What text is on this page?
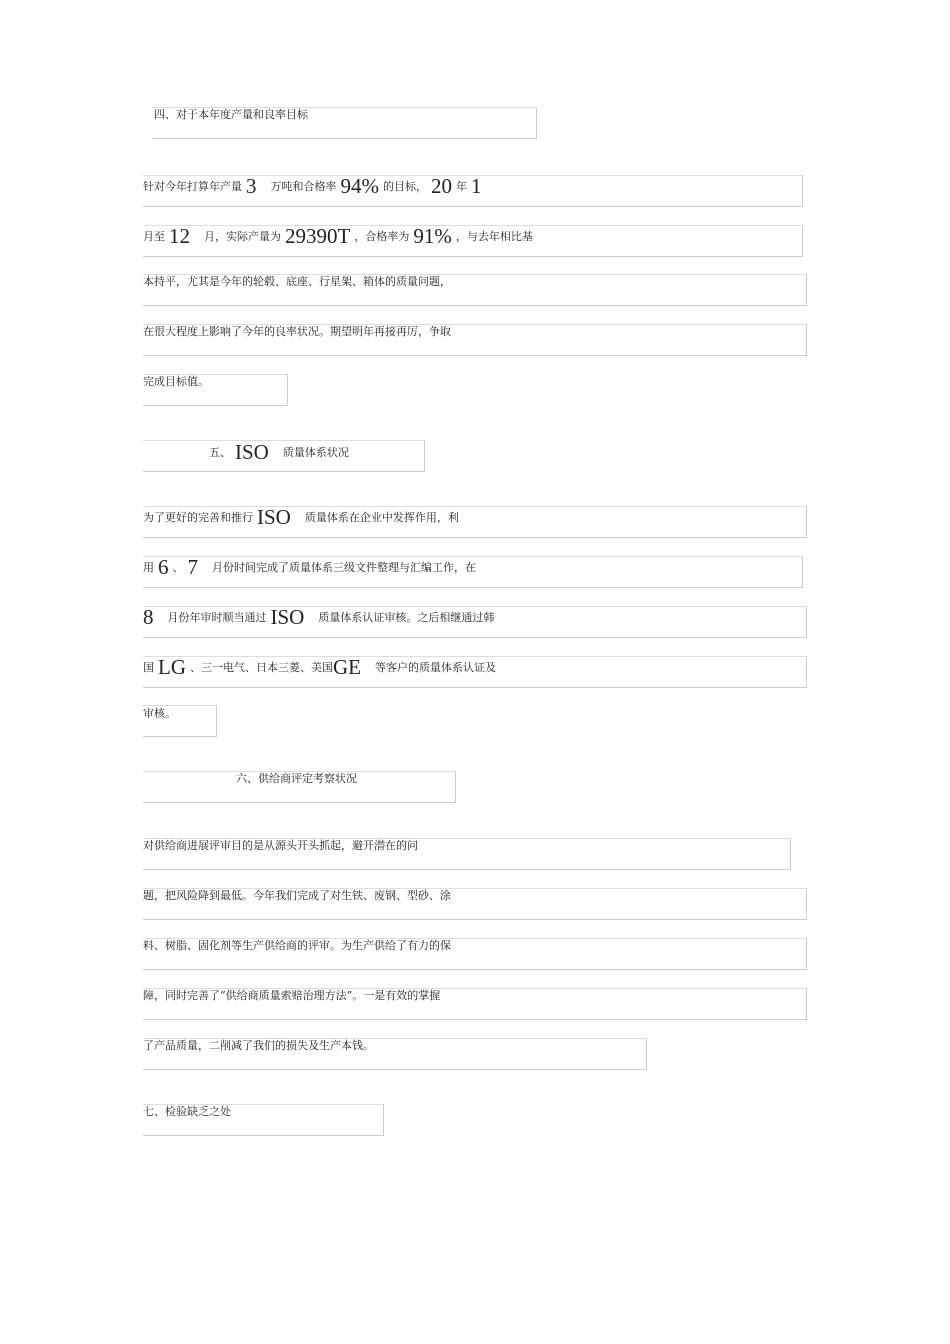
四、对于本年度产量和良率目标
针对今年打算年产量 3 万吨和合格率 94% 的目标， 20 年 1
月至 12 月，实际产量为 29390T ，合格率为 91% ，与去年相比基
本持平，尤其是今年的轮毂、底座、行星架、箱体的质量问题，
在很大程度上影响了今年的良率状况。期望明年再接再厉，争取
完成目标值。
五、 ISO 质量体系状况
为了更好的完善和推行 ISO 质量体系在企业中发挥作用，利
用 6 、 7 月份时间完成了质量体系三级文件整理与汇编工作，在
8 月份年审时顺当通过 ISO 质量体系认证审核。之后相继通过韩
国 LG 、三一电气、日本三菱、美国GE 等客户的质量体系认证及
审核。
六、供给商评定考察状况
对供给商进展评审目的是从源头开头抓起，避开潜在的问
题，把风险降到最低。今年我们完成了对生铁、废钢、型砂、涂
料、树脂、固化剂等生产供给商的评审。为生产供给了有力的保
障，同时完善了“供给商质量索赔治理方法”。一是有效的掌握
了产品质量，二削减了我们的损失及生产本钱。
七、检验缺乏之处
